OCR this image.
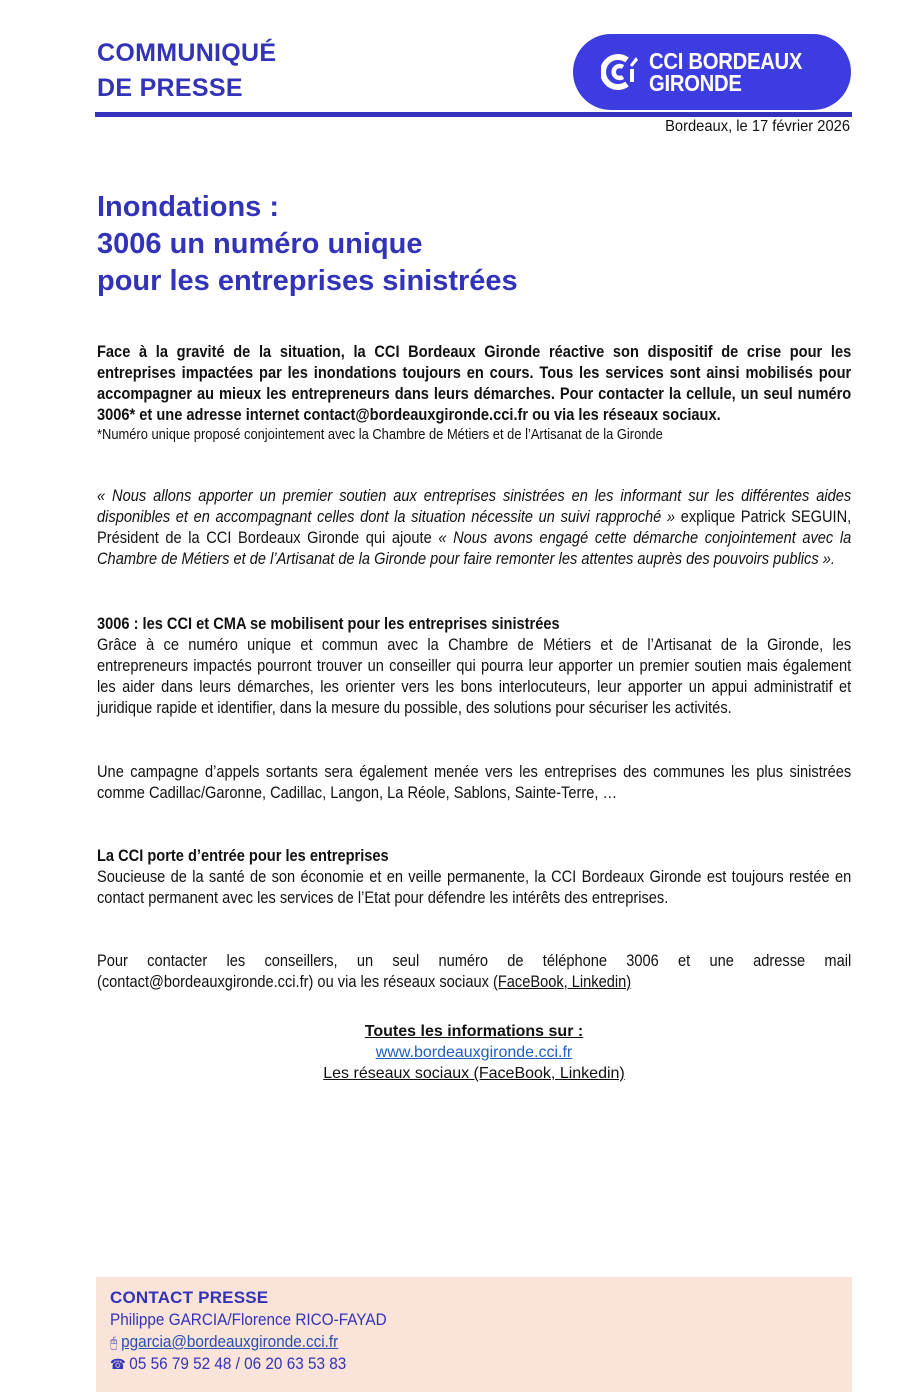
COMMUNIQUÉ
DE PRESSE
CCI BORDEAUX
GIRONDE
Bordeaux, le 17 février 2026
Inondations :
3006 un numéro unique
pour les entreprises sinistrées
Face à la gravité de la situation, la CCI Bordeaux Gironde réactive son dispositif de crise pour les entreprises impactées par les inondations toujours en cours. Tous les services sont ainsi mobilisés pour accompagner au mieux les entrepreneurs dans leurs démarches. Pour contacter la cellule, un seul numéro 3006* et une adresse internet contact@bordeauxgironde.cci.fr ou via les réseaux sociaux.
*Numéro unique proposé conjointement avec la Chambre de Métiers et de l’Artisanat de la Gironde
« Nous allons apporter un premier soutien aux entreprises sinistrées en les informant sur les différentes aides disponibles et en accompagnant celles dont la situation nécessite un suivi rapproché » explique Patrick SEGUIN, Président de la CCI Bordeaux Gironde qui ajoute « Nous avons engagé cette démarche conjointement avec la Chambre de Métiers et de l’Artisanat de la Gironde pour faire remonter les attentes auprès des pouvoirs publics ».
3006 : les CCI et CMA se mobilisent pour les entreprises sinistrées
Grâce à ce numéro unique et commun avec la Chambre de Métiers et de l’Artisanat de la Gironde, les entrepreneurs impactés pourront trouver un conseiller qui pourra leur apporter un premier soutien mais également les aider dans leurs démarches, les orienter vers les bons interlocuteurs, leur apporter un appui administratif et juridique rapide et identifier, dans la mesure du possible, des solutions pour sécuriser les activités.
Une campagne d’appels sortants sera également menée vers les entreprises des communes les plus sinistrées comme Cadillac/Garonne, Cadillac, Langon, La Réole, Sablons, Sainte-Terre, …
La CCI porte d’entrée pour les entreprises
Soucieuse de la santé de son économie et en veille permanente, la CCI Bordeaux Gironde est toujours restée en contact permanent avec les services de l’Etat pour défendre les intérêts des entreprises.
Pour contacter les conseillers, un seul numéro de téléphone 3006 et une adresse mail (contact@bordeauxgironde.cci.fr) ou via les réseaux sociaux (FaceBook, Linkedin)
Toutes les informations sur :
www.bordeauxgironde.cci.fr
Les réseaux sociaux (FaceBook, Linkedin)
CONTACT PRESSE
Philippe GARCIA/Florence RICO-FAYAD
🖰 pgarcia@bordeauxgironde.cci.fr
☎ 05 56 79 52 48 / 06 20 63 53 83
